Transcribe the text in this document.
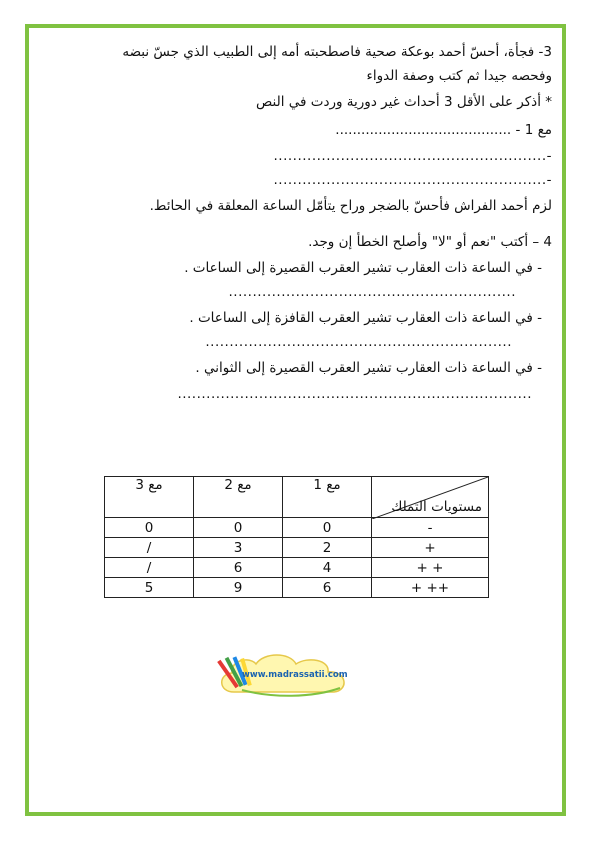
3- فجأة، أحسّ أحمد بوعكة صحية فاصطحبته أمه إلى الطبيب الذي جسّ نبضه
وفحصه جيدا ثم كتب وصفة الدواء
* أذكر على الأقل 3 أحداث غير دورية وردت في النص
مع 1 - .........................................
-.........................................................
-.........................................................
لزم أحمد الفراش فأحسّ بالضجر وراح يتأمّل الساعة المعلقة في الحائط.
4 – أكتب "نعم أو "لا" وأصلح الخطأ إن وجد.
- في الساعة ذات العقارب تشير العقرب القصيرة إلى الساعات .
............................................................
- في الساعة ذات العقارب تشير العقرب القافزة إلى الساعات .
................................................................
- في الساعة ذات العقارب تشير العقرب القصيرة إلى الثواني .
..........................................................................
مستويات التملك	مع 1	مع 2	مع 3
-	0	0	0
+	2	3	/
+ +	4	6	/
++ +	6	9	5
www.madrassatii.com
